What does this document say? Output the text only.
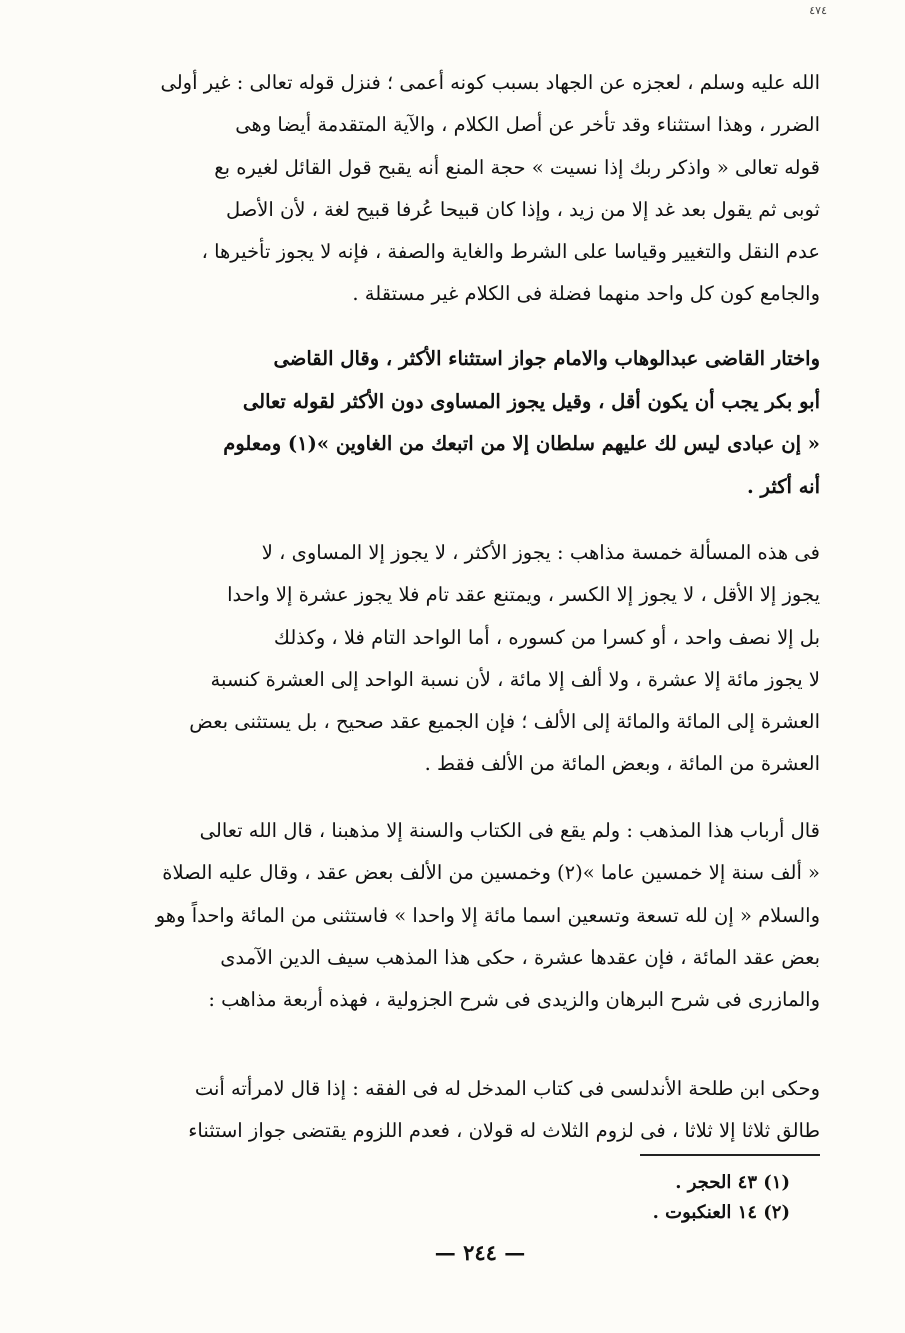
٤٧٤
الله عليه وسلم ، لعجزه عن الجهاد بسبب كونه أعمى ؛ فنزل قوله تعالى : غير أولى
الضرر ، وهذا استثناء وقد تأخر عن أصل الكلام ، والآية المتقدمة أيضا وهى
قوله تعالى « واذكر ربك إذا نسيت » حجة المنع أنه يقبح قول القائل لغيره بع
ثوبى ثم يقول بعد غد إلا من زيد ، وإذا كان قبيحا عُرفا قبيح لغة ، لأن الأصل
عدم النقل والتغيير وقياسا على الشرط والغاية والصفة ، فإنه لا يجوز تأخيرها ،
والجامع كون كل واحد منهما فضلة فى الكلام غير مستقلة .
واختار القاضى عبدالوهاب والامام جواز استثناء الأكثر ، وقال القاضى
أبو بكر يجب أن يكون أقل ، وقيل يجوز المساوى دون الأكثر لقوله تعالى
« إن عبادى ليس لك عليهم سلطان إلا من اتبعك من الغاوين »(١) ومعلوم
أنه أكثر .
فى هذه المسألة خمسة مذاهب : يجوز الأكثر ، لا يجوز إلا المساوى ، لا
يجوز إلا الأقل ، لا يجوز إلا الكسر ، ويمتنع عقد تام فلا يجوز عشرة إلا واحدا
بل إلا نصف واحد ، أو كسرا من كسوره ، أما الواحد التام فلا ، وكذلك
لا يجوز مائة إلا عشرة ، ولا ألف إلا مائة ، لأن نسبة الواحد إلى العشرة كنسبة
العشرة إلى المائة والمائة إلى الألف ؛ فإن الجميع عقد صحيح ، بل يستثنى بعض
العشرة من المائة ، وبعض المائة من الألف فقط .
قال أرباب هذا المذهب : ولم يقع فى الكتاب والسنة إلا مذهبنا ، قال الله تعالى
« ألف سنة إلا خمسين عاما »(٢) وخمسين من الألف بعض عقد ، وقال عليه الصلاة
والسلام « إن لله تسعة وتسعين اسما مائة إلا واحدا » فاستثنى من المائة واحداً وهو
بعض عقد المائة ، فإن عقدها عشرة ، حكى هذا المذهب سيف الدين الآمدى
والمازرى فى شرح البرهان والزيدى فى شرح الجزولية ، فهذه أربعة مذاهب :
وحكى ابن طلحة الأندلسى فى كتاب المدخل له فى الفقه : إذا قال لامرأته أنت
طالق ثلاثا إلا ثلاثا ، فى لزوم الثلاث له قولان ، فعدم اللزوم يقتضى جواز استثناء
(١) ٤٣ الحجر .
(٢) ١٤ العنكبوت .
— ٢٤٤ —
